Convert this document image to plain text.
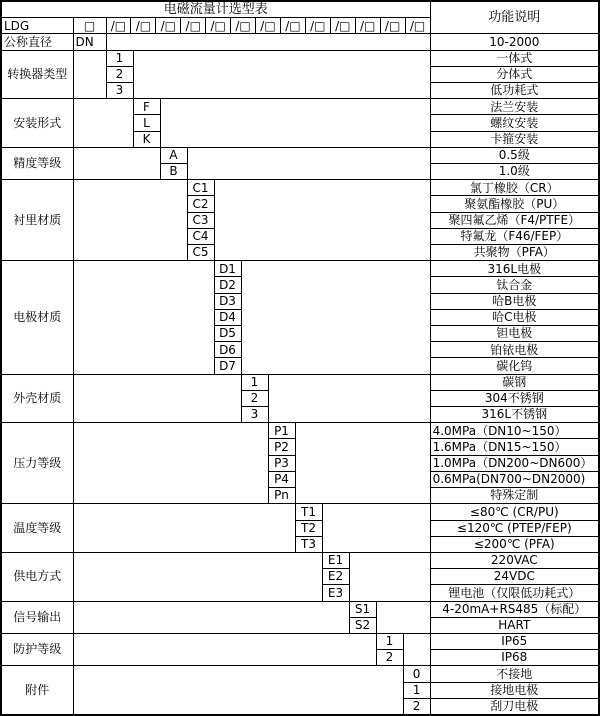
电磁流量计选型表														功能说明
LDG	□	/□ /□ /□ /□ /□ /□ /□ /□ /□ /□ /□ /□ /□

公称直径	DN													10-2000
转换器类型		1												一体式
		2												分体式
		3												低功耗式
安装形式			F											法兰安装
			L											螺纹安装
			K											卡箍安装
精度等级				A										0.5级
				B										1.0级
衬里材质					C1									氯丁橡胶（CR）
					C2									聚氨酯橡胶（PU）
					C3									聚四氟乙烯（F4/PTFE）
					C4									特氟龙（F46/FEP）
					C5									共聚物（PFA）
电极材质						D1								316L电极
						D2								钛合金
						D3								哈B电极
						D4								哈C电极
						D5								钽电极
						D6								铂铱电极
						D7								碳化钨
外壳材质							1							碳钢
							2							304不锈钢
							3							316L不锈钢
压力等级								P1						4.0MPa（DN10~150）
								P2						1.6MPa（DN15~150）
								P3						1.0MPa（DN200~DN600）
								P4						0.6MPa(DN700~DN2000)
								Pn						特殊定制
温度等级									T1					≤80℃ (CR/PU)
									T2					≤120℃ (PTEP/FEP)
									T3					≤200℃ (PFA)
供电方式										E1				220VAC
										E2				24VDC
										E3				锂电池（仅限低功耗式）
信号输出											S1			4-20mA+RS485（标配）
											S2			HART
防护等级												1		IP65
												2		IP68
附件													0	不接地
													1	接地电极
													2	刮刀电极
